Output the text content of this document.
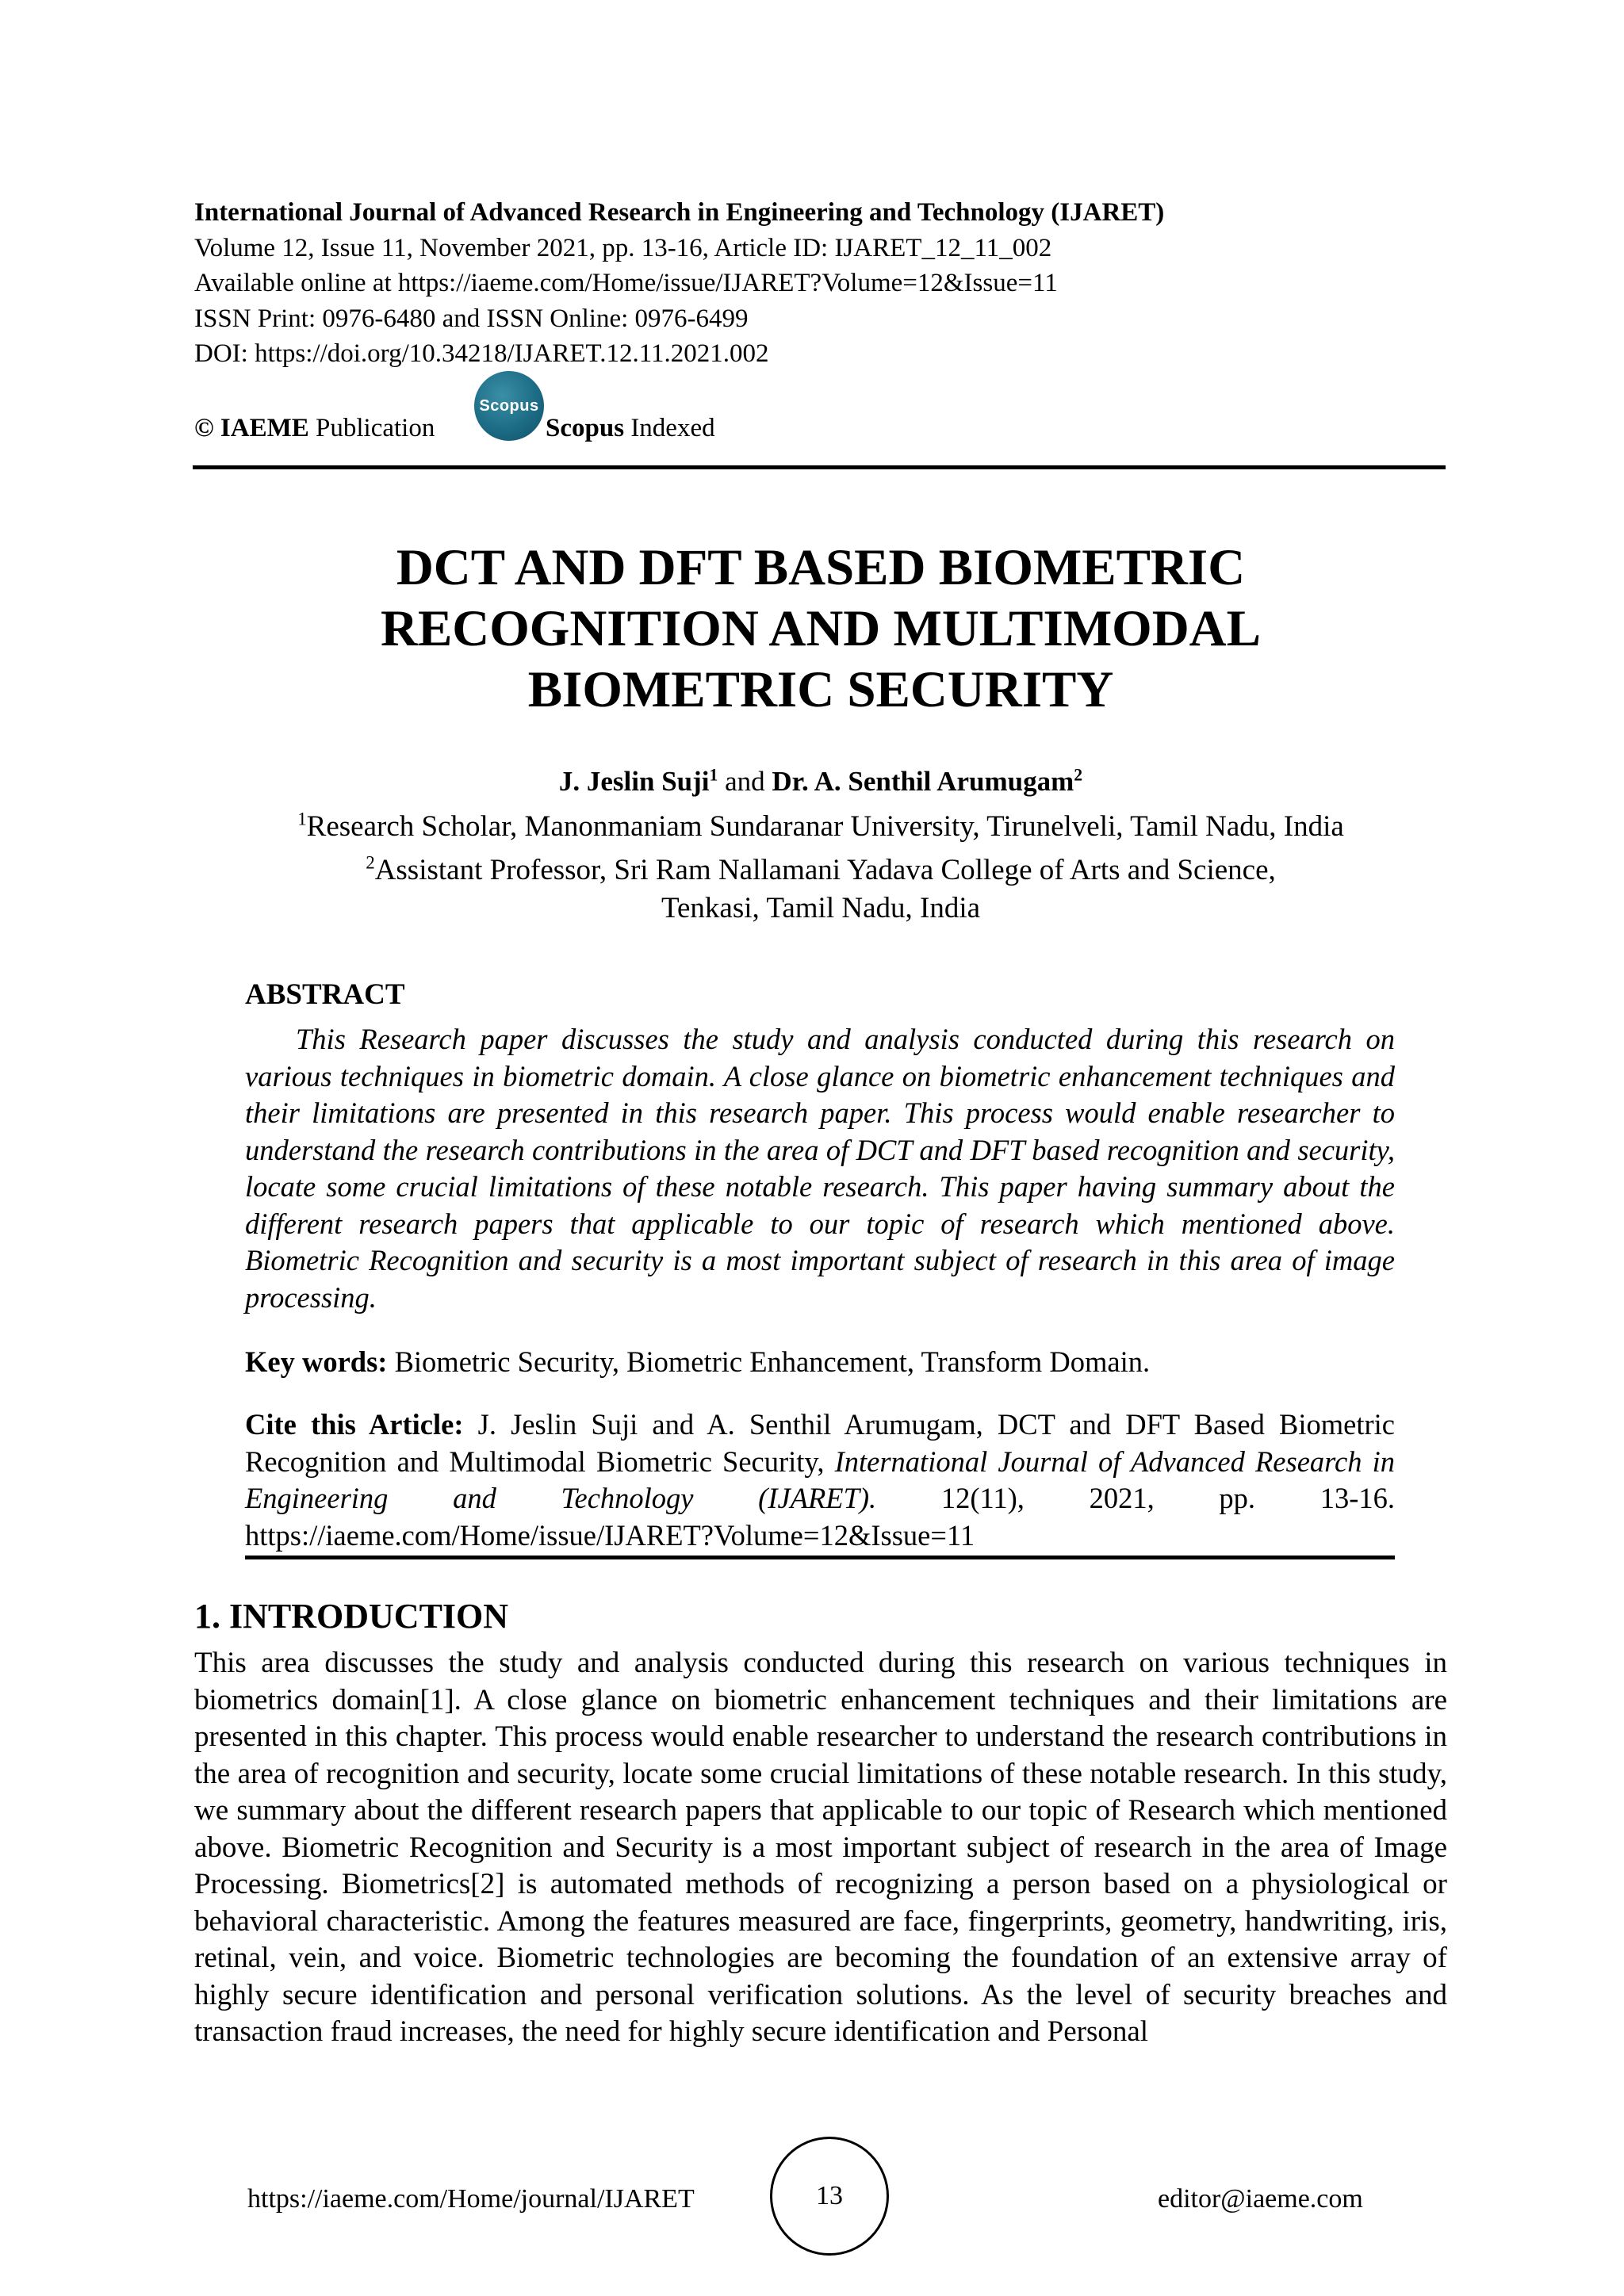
International Journal of Advanced Research in Engineering and Technology (IJARET)
Volume 12, Issue 11, November 2021, pp. 13-16, Article ID: IJARET_12_11_002
Available online at https://iaeme.com/Home/issue/IJARET?Volume=12&Issue=11
ISSN Print: 0976-6480 and ISSN Online: 0976-6499
DOI: https://doi.org/10.34218/IJARET.12.11.2021.002
© IAEME Publication	Scopus Indexed
Scopus
DCT AND DFT BASED BIOMETRIC
RECOGNITION AND MULTIMODAL
BIOMETRIC SECURITY
J. Jeslin Suji$^1$ and Dr. A. Senthil Arumugam$^2$
$^1$Research Scholar, Manonmaniam Sundaranar University, Tirunelveli, Tamil Nadu, India
$^2$Assistant Professor, Sri Ram Nallamani Yadava College of Arts and Science,
Tenkasi, Tamil Nadu, India
ABSTRACT
This Research paper discusses the study and analysis conducted during this research on various techniques in biometric domain. A close glance on biometric enhancement techniques and their limitations are presented in this research paper. This process would enable researcher to understand the research contributions in the area of DCT and DFT based recognition and security, locate some crucial limitations of these notable research. This paper having summary about the different research papers that applicable to our topic of research which mentioned above. Biometric Recognition and security is a most important subject of research in this area of image processing.
Key words: Biometric Security, Biometric Enhancement, Transform Domain.
Cite this Article: J. Jeslin Suji and A. Senthil Arumugam, DCT and DFT Based Biometric Recognition and Multimodal Biometric Security, International Journal of Advanced Research in Engineering and Technology (IJARET). 12(11), 2021, pp. 13-16. https://iaeme.com/Home/issue/IJARET?Volume=12&Issue=11
1. INTRODUCTION
This area discusses the study and analysis conducted during this research on various techniques in biometrics domain[1]. A close glance on biometric enhancement techniques and their limitations are presented in this chapter. This process would enable researcher to understand the research contributions in the area of recognition and security, locate some crucial limitations of these notable research. In this study, we summary about the different research papers that applicable to our topic of Research which mentioned above. Biometric Recognition and Security is a most important subject of research in the area of Image Processing. Biometrics[2] is automated methods of recognizing a person based on a physiological or behavioral characteristic. Among the features measured are face, fingerprints, geometry, handwriting, iris, retinal, vein, and voice. Biometric technologies are becoming the foundation of an extensive array of highly secure identification and personal verification solutions. As the level of security breaches and transaction fraud increases, the need for highly secure identification and Personal
https://iaeme.com/Home/journal/IJARET	13	editor@iaeme.com
